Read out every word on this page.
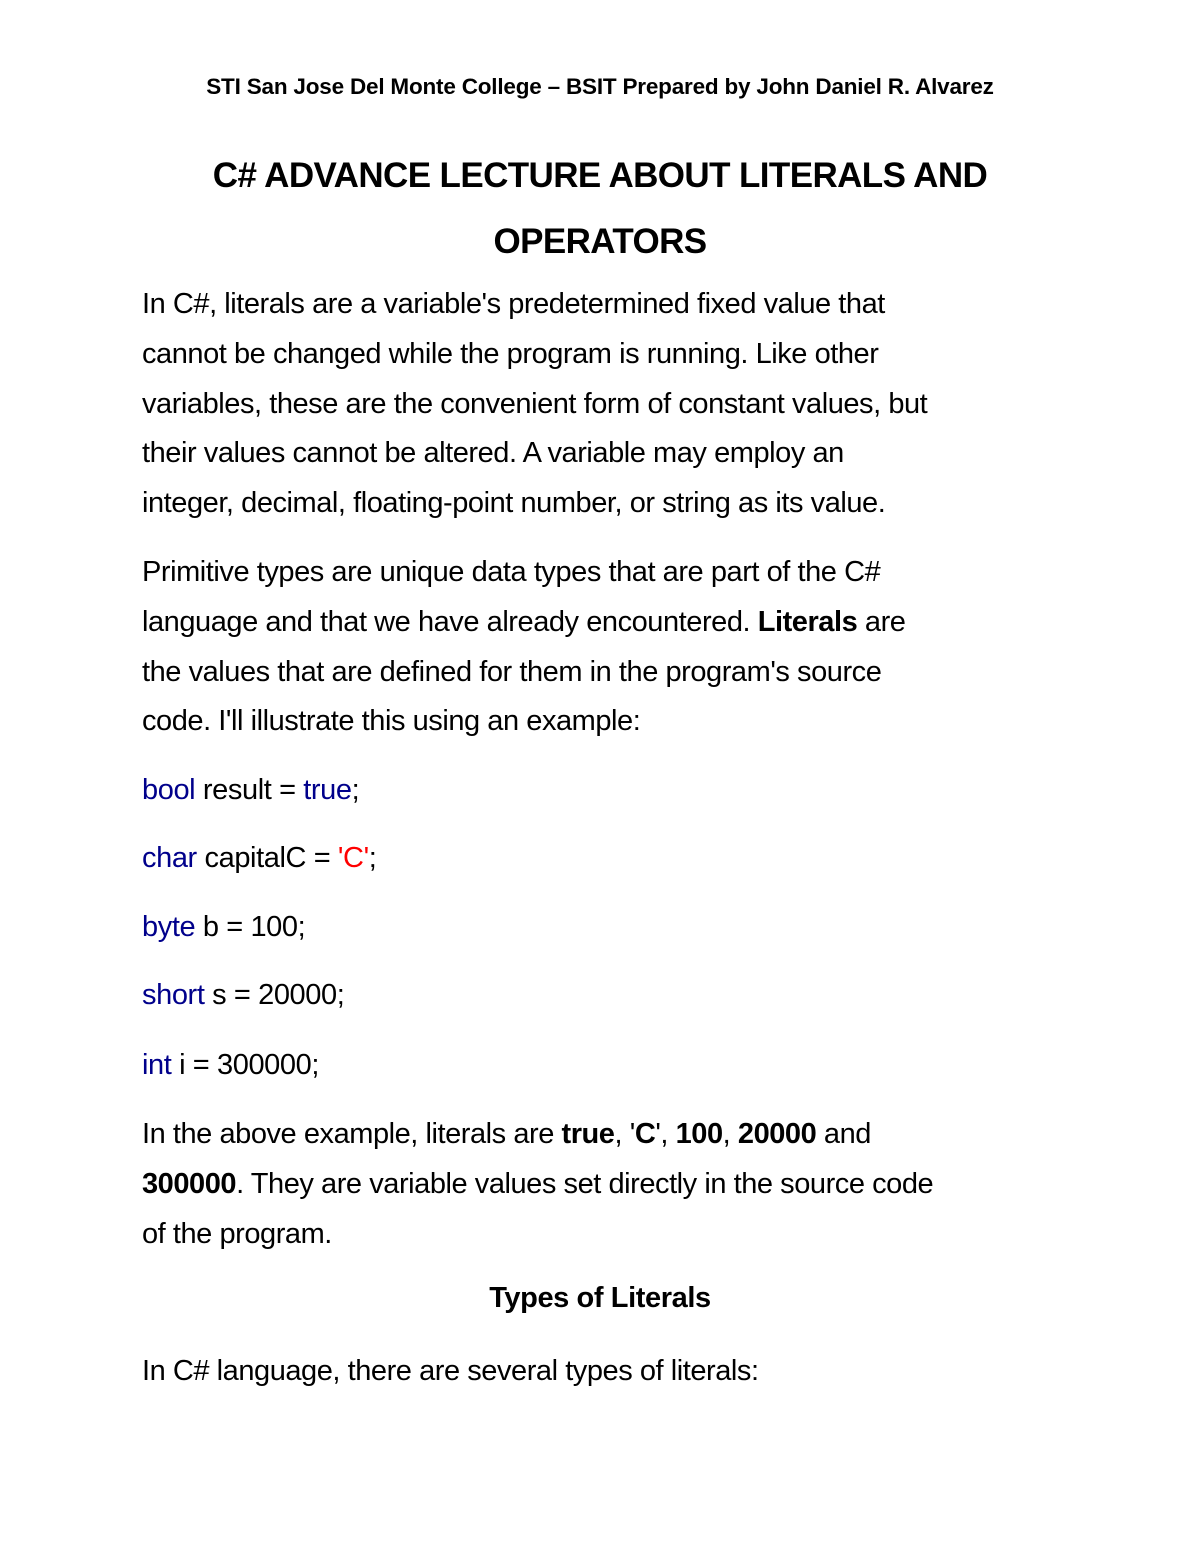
STI San Jose Del Monte College – BSIT Prepared by John Daniel R. Alvarez
C# ADVANCE LECTURE ABOUT LITERALS AND
OPERATORS
In C#, literals are a variable's predetermined fixed value that
cannot be changed while the program is running. Like other
variables, these are the convenient form of constant values, but
their values cannot be altered. A variable may employ an
integer, decimal, floating-point number, or string as its value.
Primitive types are unique data types that are part of the C#
language and that we have already encountered. Literals are
the values that are defined for them in the program's source
code. I'll illustrate this using an example:
bool result = true;
char capitalC = 'C';
byte b = 100;
short s = 20000;
int i = 300000;
In the above example, literals are true, 'C', 100, 20000 and
300000. They are variable values set directly in the source code
of the program.
Types of Literals
In C# language, there are several types of literals:
